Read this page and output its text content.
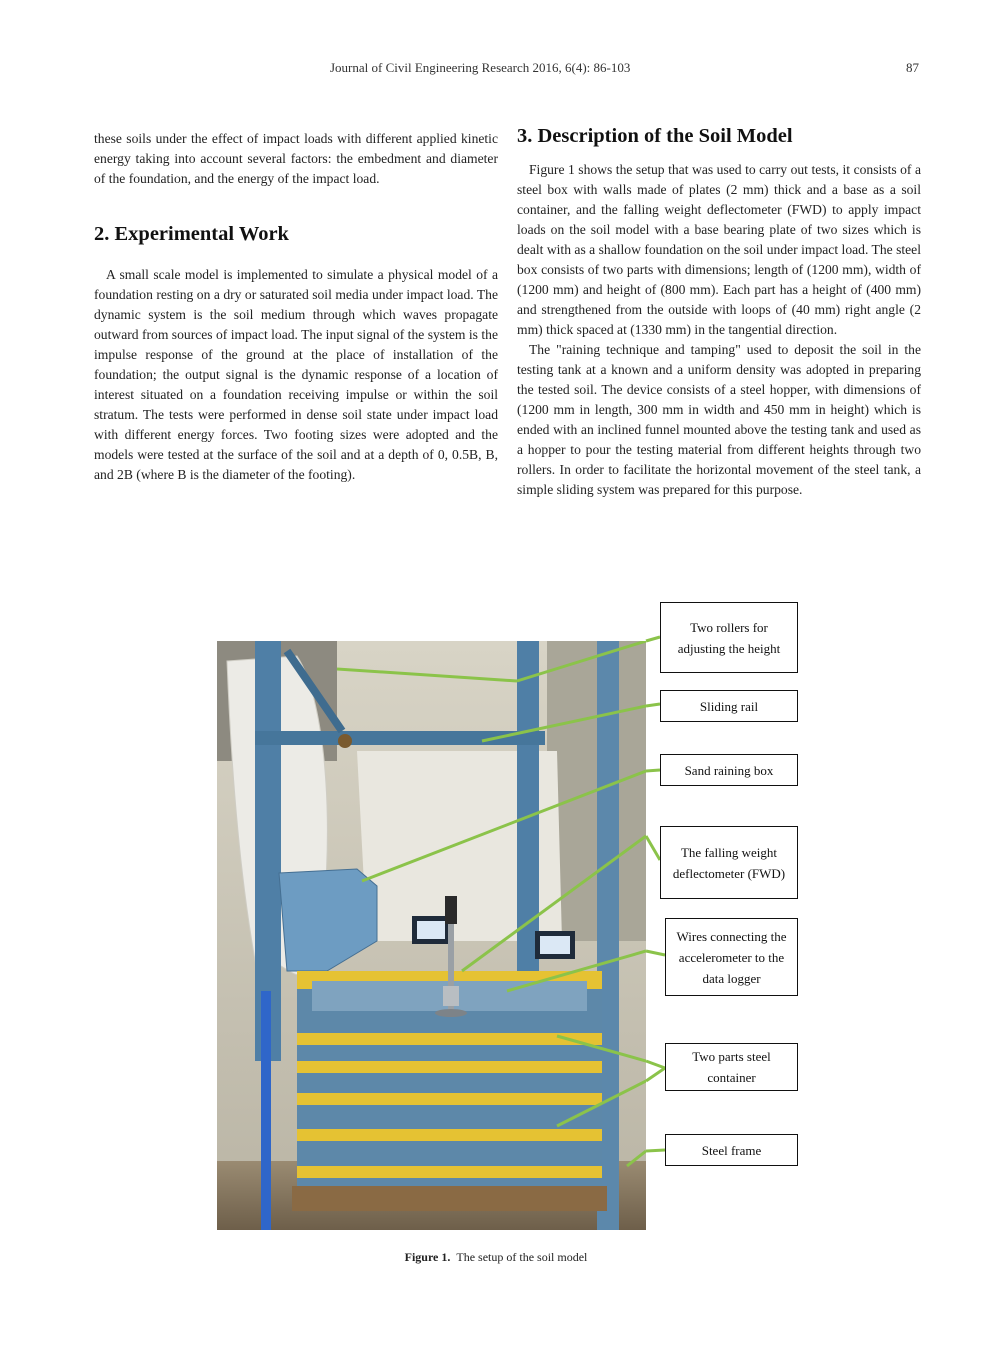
Journal of Civil Engineering Research 2016, 6(4): 86-103	87

these soils under the effect of impact loads with different applied kinetic energy taking into account several factors: the embedment and diameter of the foundation, and the energy of the impact load.

2. Experimental Work

A small scale model is implemented to simulate a physical model of a foundation resting on a dry or saturated soil media under impact load. The dynamic system is the soil medium through which waves propagate outward from sources of impact load. The input signal of the system is the impulse response of the ground at the place of installation of the foundation; the output signal is the dynamic response of a location of interest situated on a foundation receiving impulse or within the soil stratum. The tests were performed in dense soil state under impact load with different energy forces. Two footing sizes were adopted and the models were tested at the surface of the soil and at a depth of 0, 0.5B, B, and 2B (where B is the diameter of the footing).

3. Description of the Soil Model

Figure 1 shows the setup that was used to carry out tests, it consists of a steel box with walls made of plates (2 mm) thick and a base as a soil container, and the falling weight deflectometer (FWD) to apply impact loads on the soil model with a base bearing plate of two sizes which is dealt with as a shallow foundation on the soil under impact load. The steel box consists of two parts with dimensions; length of (1200 mm), width of (1200 mm) and height of (800 mm). Each part has a height of (400 mm) and strengthened from the outside with loops of (40 mm) right angle (2 mm) thick spaced at (1330 mm) in the tangential direction.

The "raining technique and tamping" used to deposit the soil in the testing tank at a known and a uniform density was adopted in preparing the tested soil. The device consists of a steel hopper, with dimensions of (1200 mm in length, 300 mm in width and 450 mm in height) which is ended with an inclined funnel mounted above the testing tank and used as a hopper to pour the testing material from different heights through two rollers. In order to facilitate the horizontal movement of the steel tank, a simple sliding system was prepared for this purpose.

Two rollers for adjusting the height
Sliding rail
Sand raining box
The falling weight deflectometer (FWD)
Wires connecting the accelerometer to the data logger
Two parts steel container
Steel frame
Figure 1. The setup of the soil model
